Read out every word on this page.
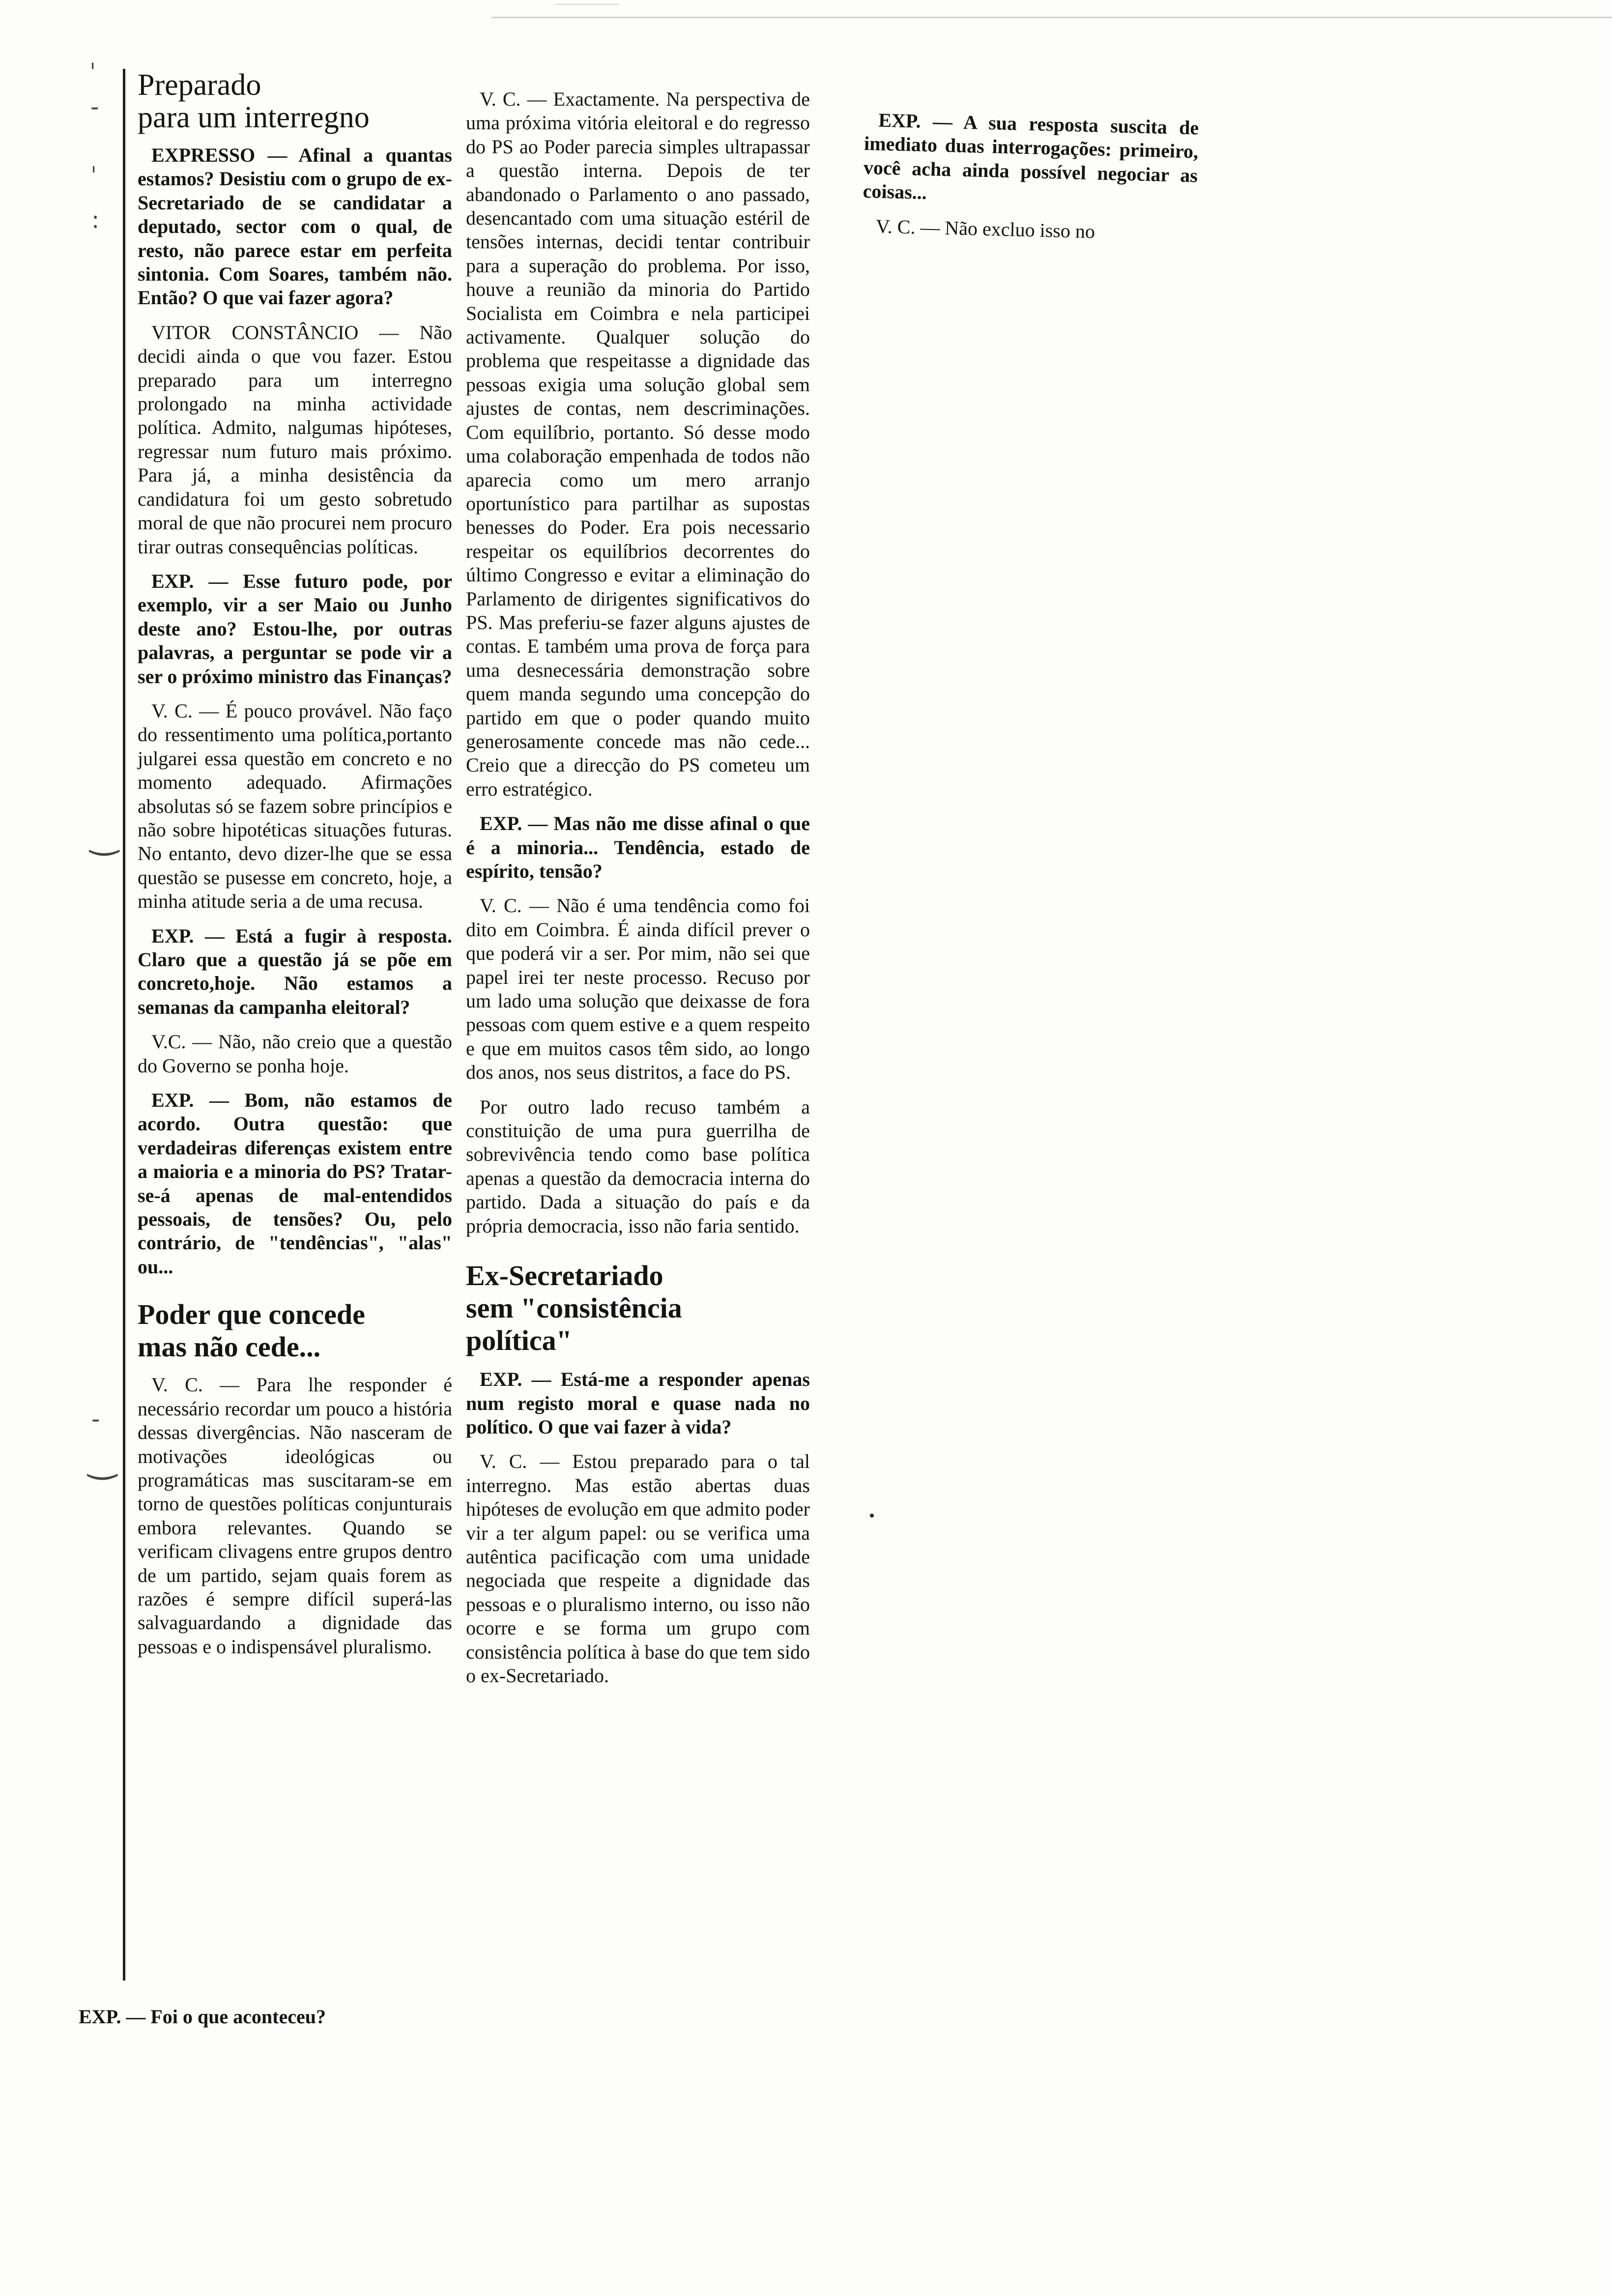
ˈ
-
ˌ
:
‿
-
‿
Preparado
para um interregno

EXPRESSO — Afinal a quantas estamos? Desistiu com o grupo de ex-Secretariado de se candidatar a deputado, sector com o qual, de resto, não parece estar em perfeita sintonia. Com Soares, também não. Então? O que vai fazer agora?

VITOR CONSTÂNCIO — Não decidi ainda o que vou fazer. Estou preparado para um interregno prolongado na minha actividade política. Admito, nalgumas hipóteses, regressar num futuro mais próximo. Para já, a minha desistência da candidatura foi um gesto sobretudo moral de que não procurei nem procuro tirar outras consequências políticas.

EXP. — Esse futuro pode, por exemplo, vir a ser Maio ou Junho deste ano? Estou-lhe, por outras palavras, a perguntar se pode vir a ser o próximo ministro das Finanças?

V. C. — É pouco provável. Não faço do ressentimento uma política,portanto julgarei essa questão em concreto e no momento adequado. Afirmações absolutas só se fazem sobre princípios e não sobre hipotéticas situações futuras. No entanto, devo dizer-lhe que se essa questão se pusesse em concreto, hoje, a minha atitude seria a de uma recusa.

EXP. — Está a fugir à resposta. Claro que a questão já se põe em concreto,hoje. Não estamos a semanas da campanha eleitoral?

V.C. — Não, não creio que a questão do Governo se ponha hoje.

EXP. — Bom, não estamos de acordo. Outra questão: que verdadeiras diferenças existem entre a maioria e a minoria do PS? Tratar-se-á apenas de mal-entendidos pessoais, de tensões? Ou, pelo contrário, de "tendências", "alas" ou...

Poder que concede
mas não cede...

V. C. — Para lhe responder é necessário recordar um pouco a história dessas divergências. Não nasceram de motivações ideológicas ou programáticas mas suscitaram-se em torno de questões políticas conjunturais embora relevantes. Quando se verificam clivagens entre grupos dentro de um partido, sejam quais forem as razões é sempre difícil superá-las salvaguardando a dignidade das pessoas e o indispensável pluralismo.

EXP. — Foi o que aconteceu?

V. C. — Exactamente. Na perspectiva de uma próxima vitória eleitoral e do regresso do PS ao Poder parecia simples ultrapassar a questão interna. Depois de ter abandonado o Parlamento o ano passado, desencantado com uma situação estéril de tensões internas, decidi tentar contribuir para a superação do problema. Por isso, houve a reunião da minoria do Partido Socialista em Coimbra e nela participei activamente. Qualquer solução do problema que respeitasse a dignidade das pessoas exigia uma solução global sem ajustes de contas, nem descriminações. Com equilíbrio, portanto. Só desse modo uma colaboração empenhada de todos não aparecia como um mero arranjo oportunístico para partilhar as supostas benesses do Poder. Era pois necessario respeitar os equilíbrios decorrentes do último Congresso e evitar a eliminação do Parlamento de dirigentes significativos do PS. Mas preferiu-se fazer alguns ajustes de contas. E também uma prova de força para uma desnecessária demonstração sobre quem manda segundo uma concepção do partido em que o poder quando muito generosamente concede mas não cede... Creio que a direcção do PS cometeu um erro estratégico.

EXP. — Mas não me disse afinal o que é a minoria... Tendência, estado de espírito, tensão?

V. C. — Não é uma tendência como foi dito em Coimbra. É ainda difícil prever o que poderá vir a ser. Por mim, não sei que papel irei ter neste processo. Recuso por um lado uma solução que deixasse de fora pessoas com quem estive e a quem respeito e que em muitos casos têm sido, ao longo dos anos, nos seus distritos, a face do PS.

Por outro lado recuso também a constituição de uma pura guerrilha de sobrevivência tendo como base política apenas a questão da democracia interna do partido. Dada a situação do país e da própria democracia, isso não faria sentido.

Ex-Secretariado
sem "consistência
política"

EXP. — Está-me a responder apenas num registo moral e quase nada no político. O que vai fazer à vida?

V. C. — Estou preparado para o tal interregno. Mas estão abertas duas hipóteses de evolução em que admito poder vir a ter algum papel: ou se verifica uma autêntica pacificação com uma unidade negociada que respeite a dignidade das pessoas e o pluralismo interno, ou isso não ocorre e se forma um grupo com consistência política à base do que tem sido o ex-Secretariado.

EXP. — A sua resposta suscita de imediato duas interrogações: primeiro, você acha ainda possível negociar as coisas...

V. C. — Não excluo isso no
